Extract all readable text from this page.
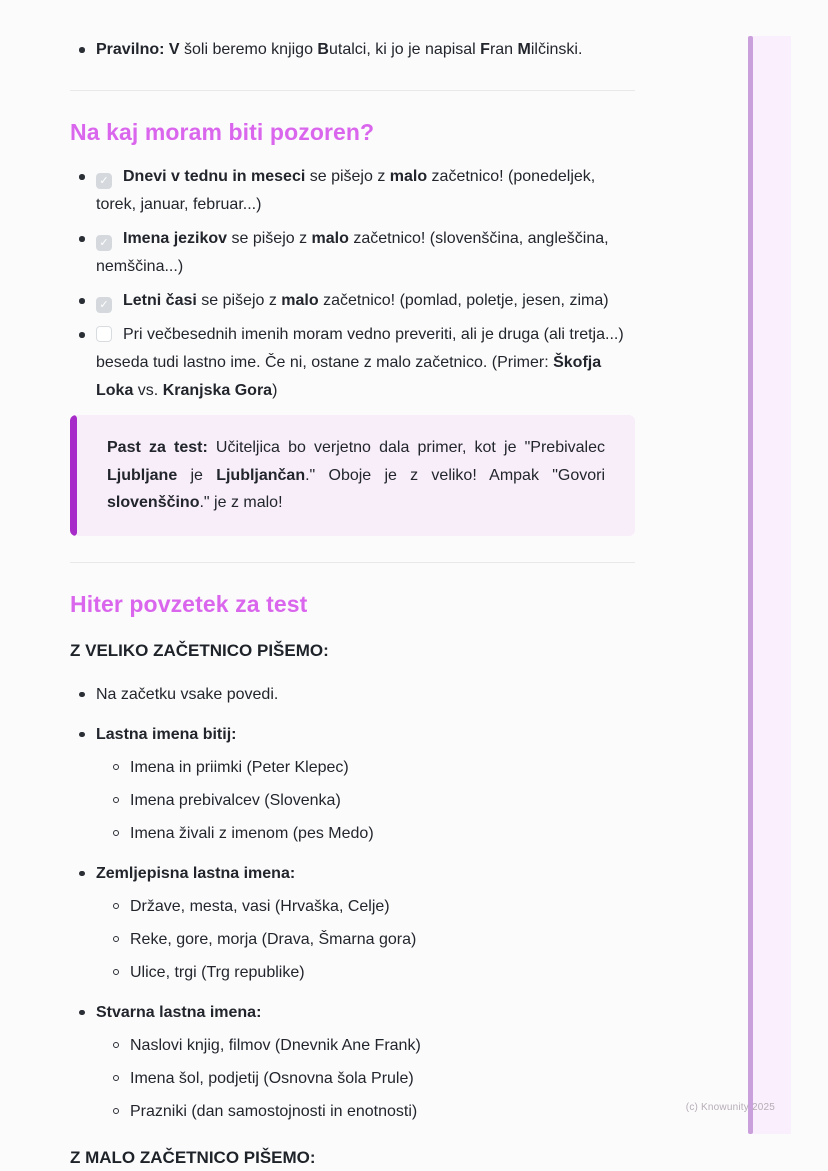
Pravilno: V šoli beremo knjigo Butalci, ki jo je napisal Fran Milčinski.
Na kaj moram biti pozoren?
✓Dnevi v tednu in meseci se pišejo z malo začetnico! (ponedeljek, torek, januar, februar...)
✓Imena jezikov se pišejo z malo začetnico! (slovenščina, angleščina, nemščina...)
✓Letni časi se pišejo z malo začetnico! (pomlad, poletje, jesen, zima)
Pri večbesednih imenih moram vedno preveriti, ali je druga (ali tretja...) beseda tudi lastno ime. Če ni, ostane z malo začetnico. (Primer: Škofja Loka vs. Kranjska Gora)
Past za test: Učiteljica bo verjetno dala primer, kot je "Prebivalec Ljubljane je Ljubljančan." Oboje je z veliko! Ampak "Govori slovenščino." je z malo!
Hiter povzetek za test

Z VELIKO ZAČETNICO PIŠEMO:

Na začetku vsake povedi.
Lastna imena bitij:
Imena in priimki (Peter Klepec)
Imena prebivalcev (Slovenka)
Imena živali z imenom (pes Medo)
Zemljepisna lastna imena:
Države, mesta, vasi (Hrvaška, Celje)
Reke, gore, morja (Drava, Šmarna gora)
Ulice, trgi (Trg republike)
Stvarna lastna imena:
Naslovi knjig, filmov (Dnevnik Ane Frank)
Imena šol, podjetij (Osnovna šola Prule)
Prazniki (dan samostojnosti in enotnosti)

Z MALO ZAČETNICO PIŠEMO:

(c) Knowunity 2025
